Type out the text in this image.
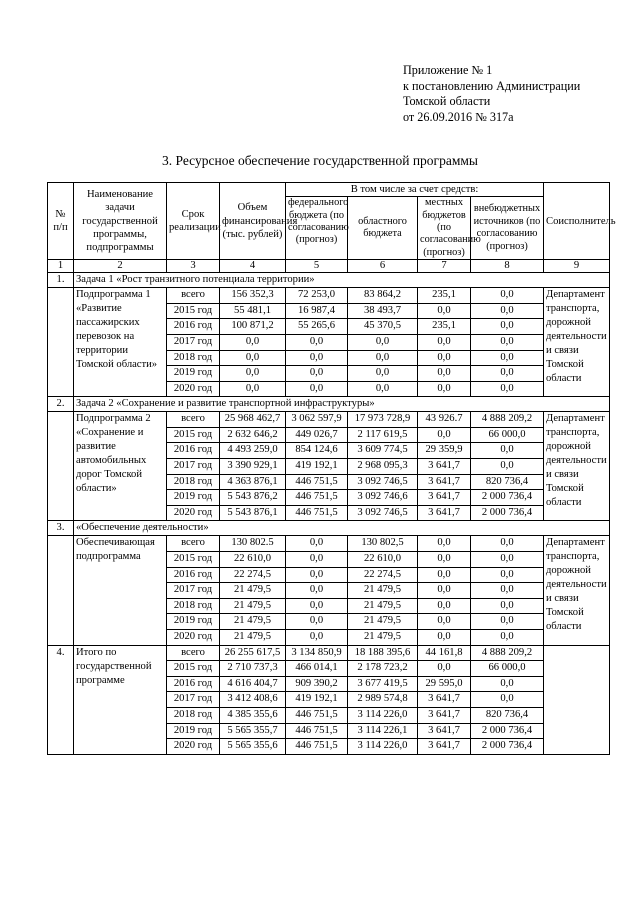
Приложение № 1
к постановлению Администрации
Томской области
от 26.09.2016 № 317а
3. Ресурсное обеспечение государственной программы
№ п/п	Наименование задачи государственной программы, подпрограммы	Срок реализации	Объем финансирования (тыс. рублей)	В том числе за счет средств:				Соисполнитель
				федерального бюджета (по согласованию (прогноз)	областного бюджета	местных бюджетов (по согласованию (прогноз)	внебюджетных источников (по согласованию (прогноз)	
1	2	3	4	5	6	7	8	9
1.	Задача 1 «Рост транзитного потенциала территории»							
	Подпрограмма 1 «Развитие пассажирских перевозок на территории Томской области»	всего	156 352,3	72 253,0	83 864,2	235,1	0,0	Департамент транспорта, дорожной деятельности и связи Томской области
		2015 год	55 481,1	16 987,4	38 493,7	0,0	0,0	
		2016 год	100 871,2	55 265,6	45 370,5	235,1	0,0	
		2017 год	0,0	0,0	0,0	0,0	0,0	
		2018 год	0,0	0,0	0,0	0,0	0,0	
		2019 год	0,0	0,0	0,0	0,0	0,0	
		2020 год	0,0	0,0	0,0	0,0	0,0	
2.	Задача 2 «Сохранение и развитие транспортной инфраструктуры»							
	Подпрограмма 2 «Сохранение и развитие автомобильных дорог Томской области»	всего	25 968 462,7	3 062 597,9	17 973 728,9	43 926.7	4 888 209,2	Департамент транспорта, дорожной деятельности и связи Томской области
		2015 год	2 632 646,2	449 026,7	2 117 619,5	0,0	66 000,0	
		2016 год	4 493 259,0	854 124,6	3 609 774,5	29 359,9	0,0	
		2017 год	3 390 929,1	419 192,1	2 968 095,3	3 641,7	0,0	
		2018 год	4 363 876,1	446 751,5	3 092 746,5	3 641,7	820 736,4	
		2019 год	5 543 876,2	446 751,5	3 092 746,6	3 641,7	2 000 736,4	
		2020 год	5 543 876,1	446 751,5	3 092 746,5	3 641,7	2 000 736,4	
3.	«Обеспечение деятельности»							
	Обеспечивающая подпрограмма	всего	130 802.5	0,0	130 802,5	0,0	0,0	Департамент транспорта, дорожной деятельности и связи Томской области
		2015 год	22 610,0	0,0	22 610,0	0,0	0,0	
		2016 год	22 274,5	0,0	22 274,5	0,0	0,0	
		2017 год	21 479,5	0,0	21 479,5	0,0	0,0	
		2018 год	21 479,5	0,0	21 479,5	0,0	0,0	
		2019 год	21 479,5	0,0	21 479,5	0,0	0,0	
		2020 год	21 479,5	0,0	21 479,5	0,0	0,0	
4.	Итого по государственной программе	всего	26 255 617,5	3 134 850,9	18 188 395,6	44 161,8	4 888 209,2	
		2015 год	2 710 737,3	466 014,1	2 178 723,2	0,0	66 000,0	
		2016 год	4 616 404,7	909 390,2	3 677 419,5	29 595,0	0,0	
		2017 год	3 412 408,6	419 192,1	2 989 574,8	3 641,7	0,0	
		2018 год	4 385 355,6	446 751,5	3 114 226,0	3 641,7	820 736,4	
		2019 год	5 565 355,7	446 751,5	3 114 226,1	3 641,7	2 000 736,4	
		2020 год	5 565 355,6	446 751,5	3 114 226,0	3 641,7	2 000 736,4	
